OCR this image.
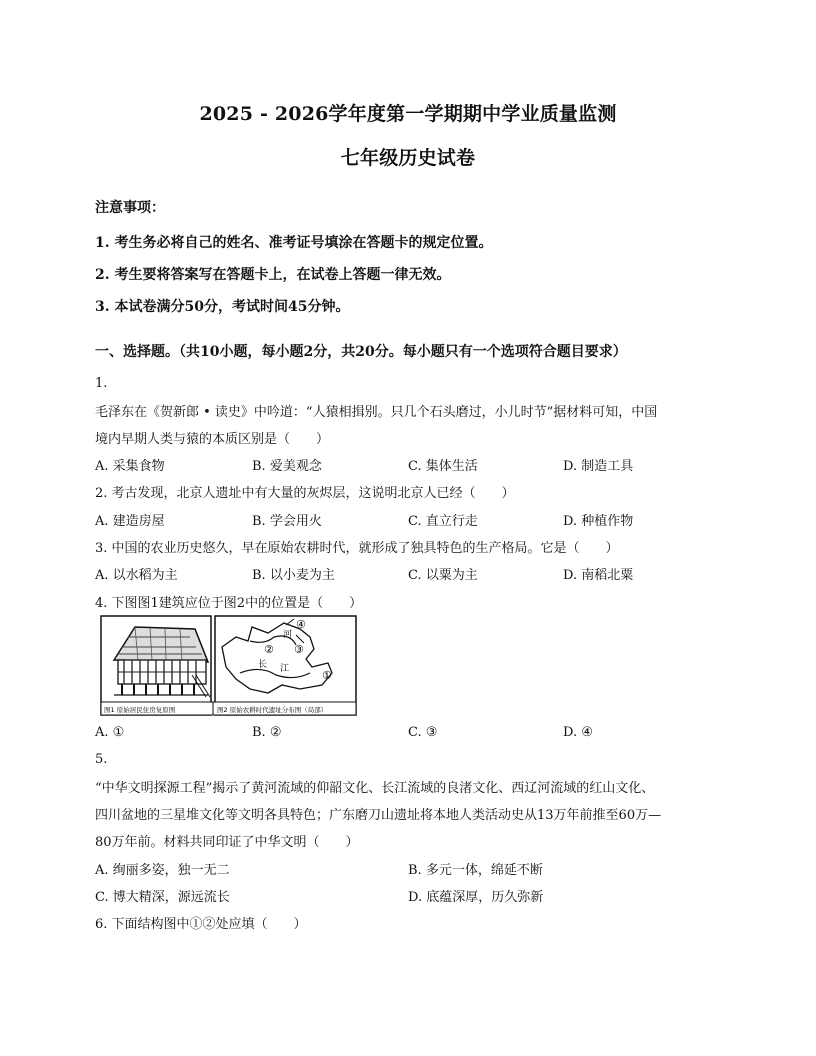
2025 - 2026学年度第一学期期中学业质量监测
七年级历史试卷
注意事项：
1. 考生务必将自己的姓名、准考证号填涂在答题卡的规定位置。
2. 考生要将答案写在答题卡上，在试卷上答题一律无效。
3. 本试卷满分50分，考试时间45分钟。
一、选择题。（共10小题，每小题2分，共20分。每小题只有一个选项符合题目要求）
1.
毛泽东在《贺新郎 • 读史》中吟道：“人猿相揖别。只几个石头磨过，小儿时节”据材料可知，中国
境内早期人类与猿的本质区别是（　　）
A. 采集食物	B. 爱美观念	C. 集体生活	D. 制造工具
2. 考古发现，北京人遗址中有大量的灰烬层，这说明北京人已经（　　）
A. 建造房屋	B. 学会用火	C. 直立行走	D. 种植作物
3. 中国的农业历史悠久，早在原始农耕时代，就形成了独具特色的生产格局。它是（　　）
A. 以水稻为主	B. 以小麦为主	C. 以粟为主	D. 南稻北粟
4. 下图图1建筑应位于图2中的位置是（　　）
河
长 江
④
② ③
①
图1 原始居民住房复原图	图2 原始农耕时代遗址分布图（局部）
A. ①	B. ②	C. ③	D. ④
5.
“中华文明探源工程”揭示了黄河流域的仰韶文化、长江流域的良渚文化、西辽河流域的红山文化、
四川盆地的三星堆文化等文明各具特色；广东磨刀山遗址将本地人类活动史从13万年前推至60万—
80万年前。材料共同印证了中华文明（　　）
A. 绚丽多姿，独一无二	B. 多元一体，绵延不断
C. 博大精深，源远流长	D. 底蕴深厚，历久弥新
6. 下面结构图中①②处应填（　　）
